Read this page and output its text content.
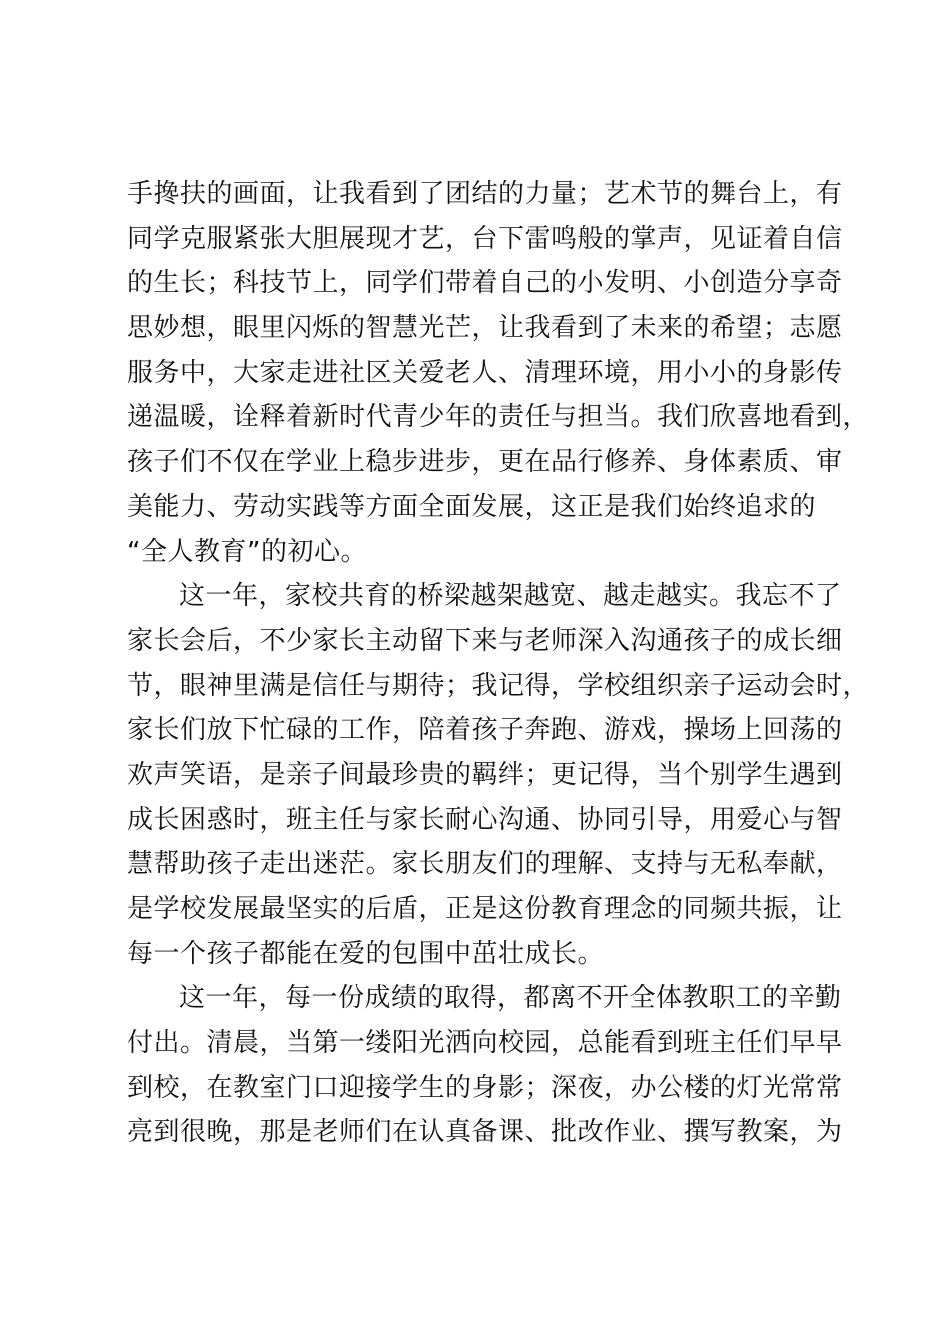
手搀扶的画面，让我看到了团结的力量；艺术节的舞台上，有
同学克服紧张大胆展现才艺，台下雷鸣般的掌声，见证着自信
的生长；科技节上，同学们带着自己的小发明、小创造分享奇
思妙想，眼里闪烁的智慧光芒，让我看到了未来的希望；志愿
服务中，大家走进社区关爱老人、清理环境，用小小的身影传
递温暖，诠释着新时代青少年的责任与担当。我们欣喜地看到，
孩子们不仅在学业上稳步进步，更在品行修养、身体素质、审
美能力、劳动实践等方面全面发展，这正是我们始终追求的
“全人教育”的初心。
这一年，家校共育的桥梁越架越宽、越走越实。我忘不了
家长会后，不少家长主动留下来与老师深入沟通孩子的成长细
节，眼神里满是信任与期待；我记得，学校组织亲子运动会时，
家长们放下忙碌的工作，陪着孩子奔跑、游戏，操场上回荡的
欢声笑语，是亲子间最珍贵的羁绊；更记得，当个别学生遇到
成长困惑时，班主任与家长耐心沟通、协同引导，用爱心与智
慧帮助孩子走出迷茫。家长朋友们的理解、支持与无私奉献，
是学校发展最坚实的后盾，正是这份教育理念的同频共振，让
每一个孩子都能在爱的包围中茁壮成长。
这一年，每一份成绩的取得，都离不开全体教职工的辛勤
付出。清晨，当第一缕阳光洒向校园，总能看到班主任们早早
到校，在教室门口迎接学生的身影；深夜，办公楼的灯光常常
亮到很晚，那是老师们在认真备课、批改作业、撰写教案，为
